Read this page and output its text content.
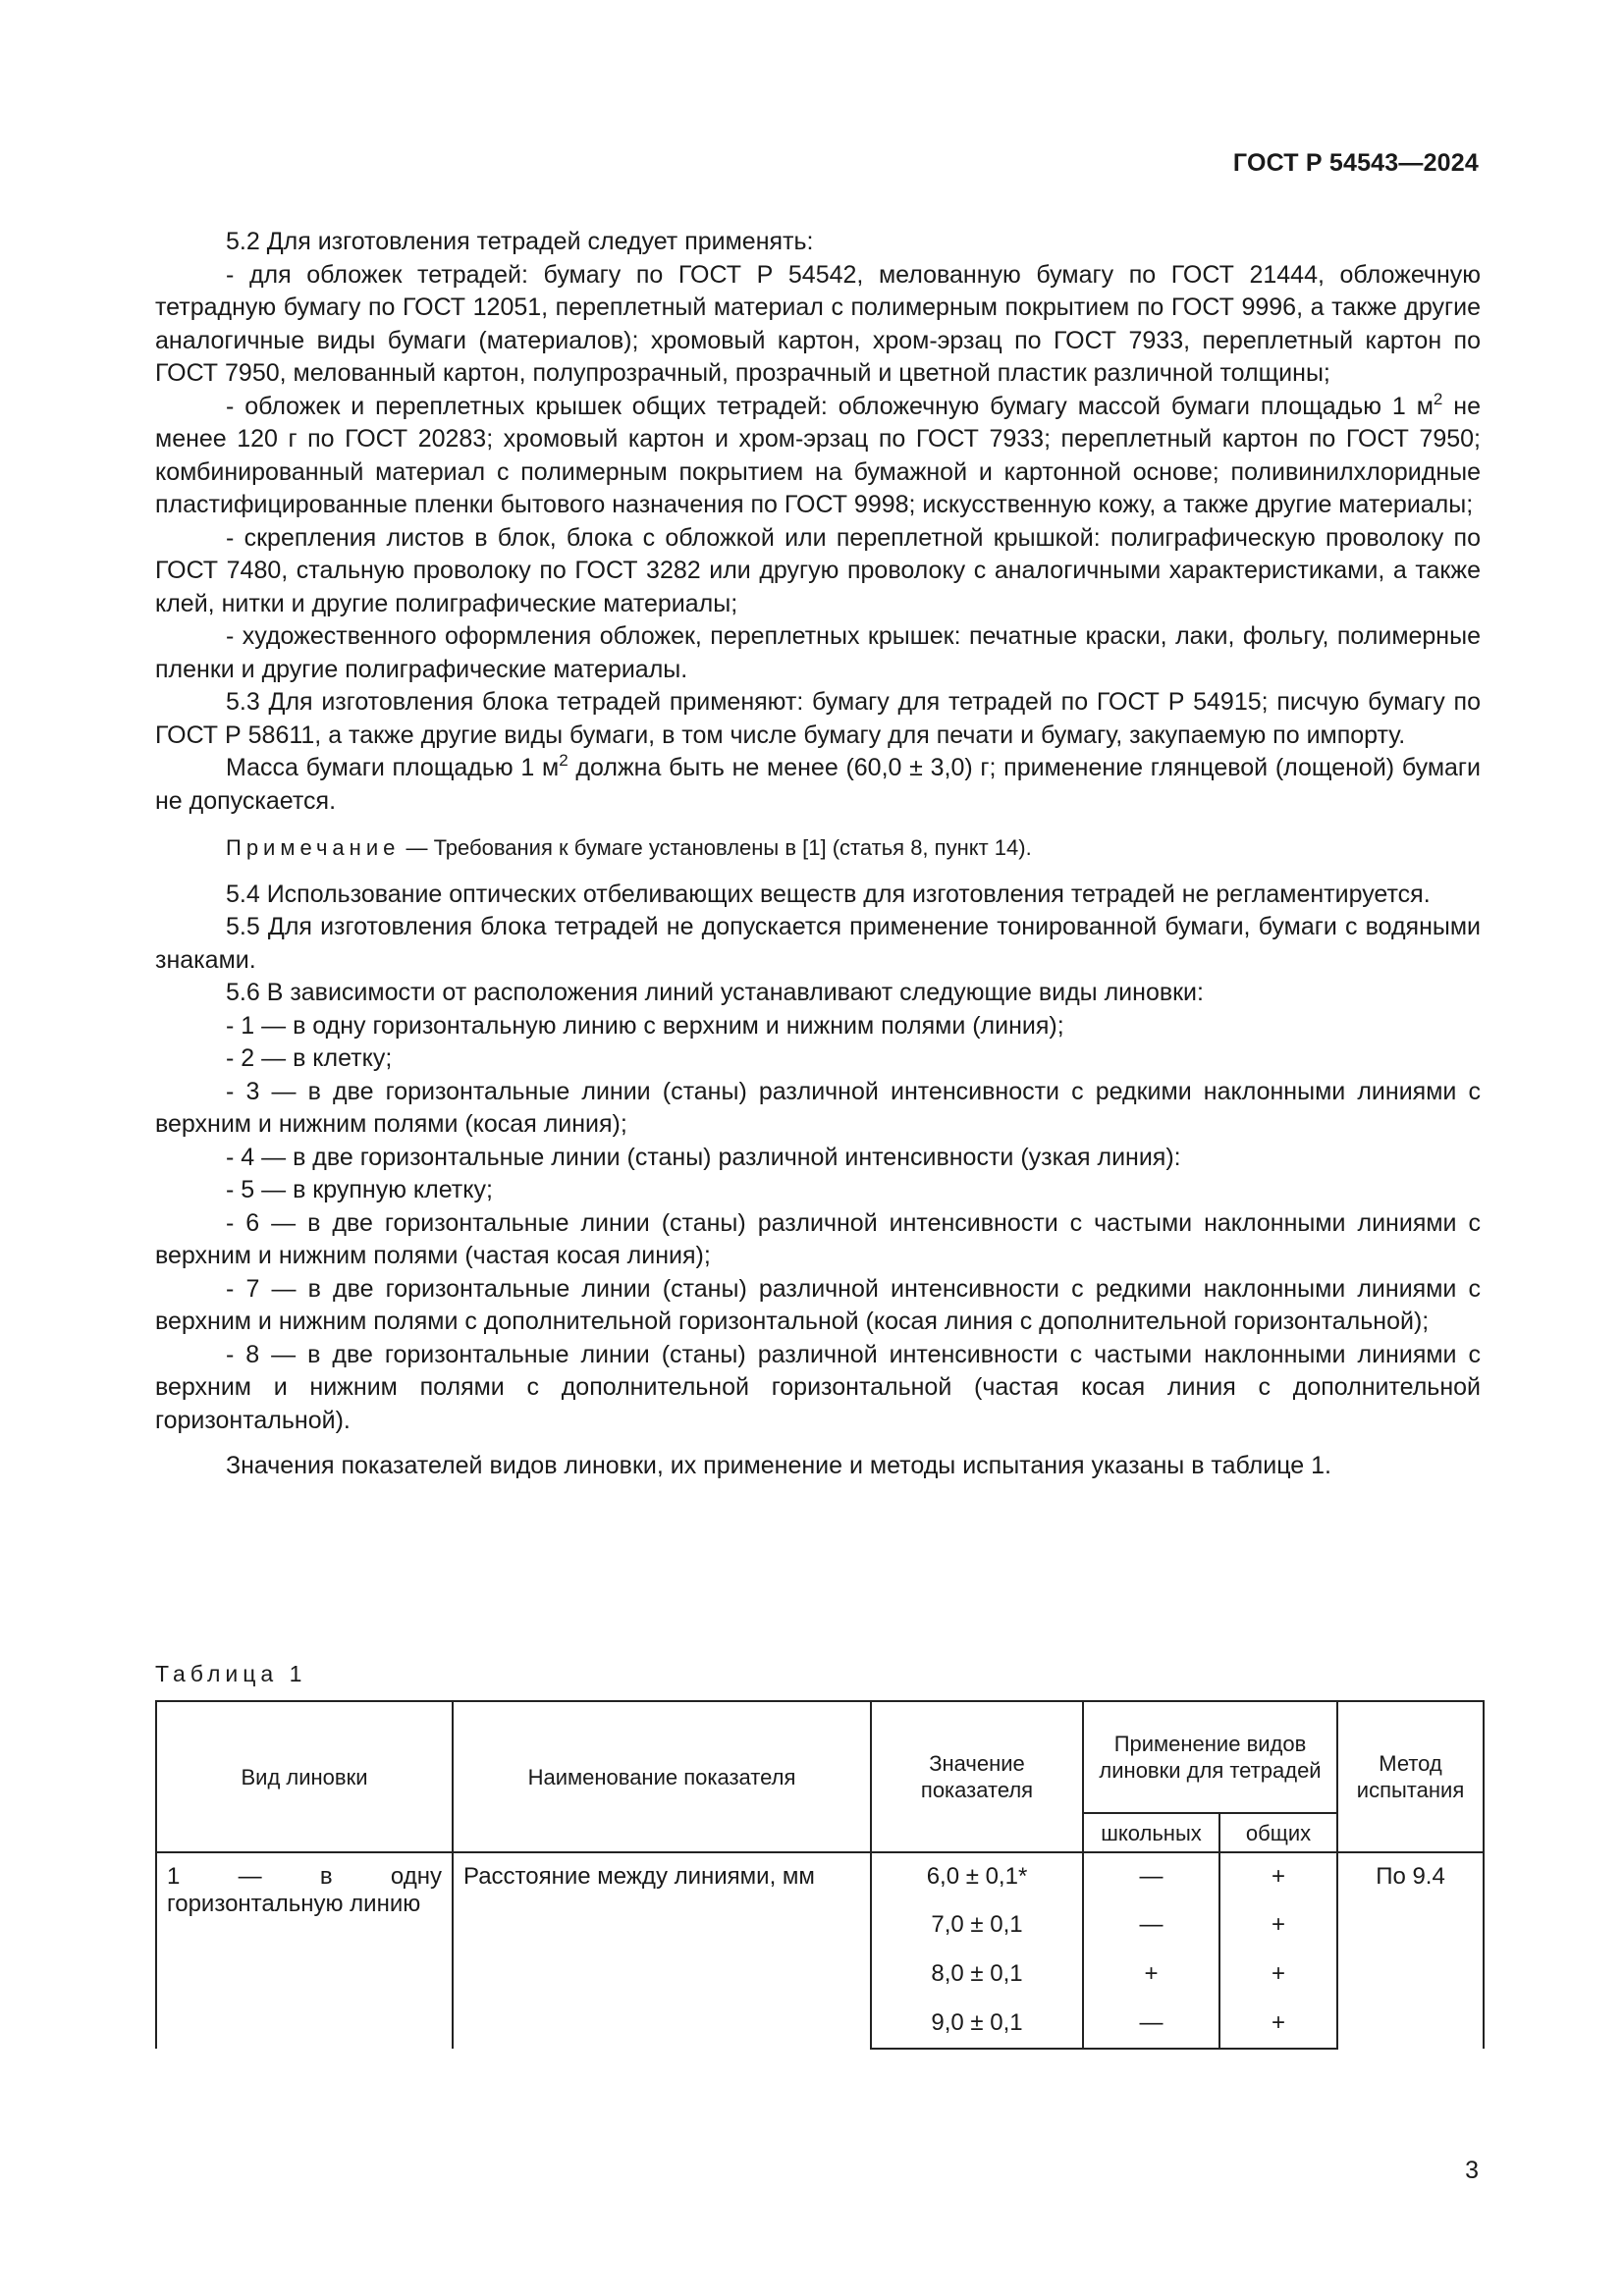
ГОСТ Р 54543—2024

5.2 Для изготовления тетрадей следует применять:

- для обложек тетрадей: бумагу по ГОСТ Р 54542, мелованную бумагу по ГОСТ 21444, обложечную тетрадную бумагу по ГОСТ 12051, переплетный материал с полимерным покрытием по ГОСТ 9996, а также другие аналогичные виды бумаги (материалов); хромовый картон, хром-эрзац по ГОСТ 7933, переплетный картон по ГОСТ 7950, мелованный картон, полупрозрачный, прозрачный и цветной пластик различной толщины;

- обложек и переплетных крышек общих тетрадей: обложечную бумагу массой бумаги площадью 1 $м^2$ не менее 120 г по ГОСТ 20283; хромовый картон и хром-эрзац по ГОСТ 7933; переплетный картон по ГОСТ 7950; комбинированный материал с полимерным покрытием на бумажной и картонной основе; поливинилхлоридные пластифицированные пленки бытового назначения по ГОСТ 9998; искусственную кожу, а также другие материалы;

- скрепления листов в блок, блока с обложкой или переплетной крышкой: полиграфическую проволоку по ГОСТ 7480, стальную проволоку по ГОСТ 3282 или другую проволоку с аналогичными характеристиками, а также клей, нитки и другие полиграфические материалы;

- художественного оформления обложек, переплетных крышек: печатные краски, лаки, фольгу, полимерные пленки и другие полиграфические материалы.

5.3 Для изготовления блока тетрадей применяют: бумагу для тетрадей по ГОСТ Р 54915; писчую бумагу по ГОСТ Р 58611, а также другие виды бумаги, в том числе бумагу для печати и бумагу, закупаемую по импорту.

Масса бумаги площадью 1 $м^2$ должна быть не менее (60,0 ± 3,0) г; применение глянцевой (лощеной) бумаги не допускается.

Примечание — Требования к бумаге установлены в [1] (статья 8, пункт 14).

5.4 Использование оптических отбеливающих веществ для изготовления тетрадей не регламентируется.

5.5 Для изготовления блока тетрадей не допускается применение тонированной бумаги, бумаги с водяными знаками.

5.6 В зависимости от расположения линий устанавливают следующие виды линовки:

- 1 — в одну горизонтальную линию с верхним и нижним полями (линия);

- 2 — в клетку;

- 3 — в две горизонтальные линии (станы) различной интенсивности с редкими наклонными линиями с верхним и нижним полями (косая линия);

- 4 — в две горизонтальные линии (станы) различной интенсивности (узкая линия):

- 5 — в крупную клетку;

- 6 — в две горизонтальные линии (станы) различной интенсивности с частыми наклонными линиями с верхним и нижним полями (частая косая линия);

- 7 — в две горизонтальные линии (станы) различной интенсивности с редкими наклонными линиями с верхним и нижним полями с дополнительной горизонтальной (косая линия с дополнительной горизонтальной);

- 8 — в две горизонтальные линии (станы) различной интенсивности с частыми наклонными линиями с верхним и нижним полями с дополнительной горизонтальной (частая косая линия с дополнительной горизонтальной).

Значения показателей видов линовки, их применение и методы испытания указаны в таблице 1.

Таблица 1
Вид линовки	Наименование показателя	Значение показателя	Применение видов линовки для тетрадей		Метод испытания
			школьных	общих	
1 — в одну горизонтальную линию	Расстояние между линиями, мм	6,0 ± 0,1*	—	+	По 9.4
		7,0 ± 0,1	—	+	
		8,0 ± 0,1	+	+	
		9,0 ± 0,1	—	+	
3
